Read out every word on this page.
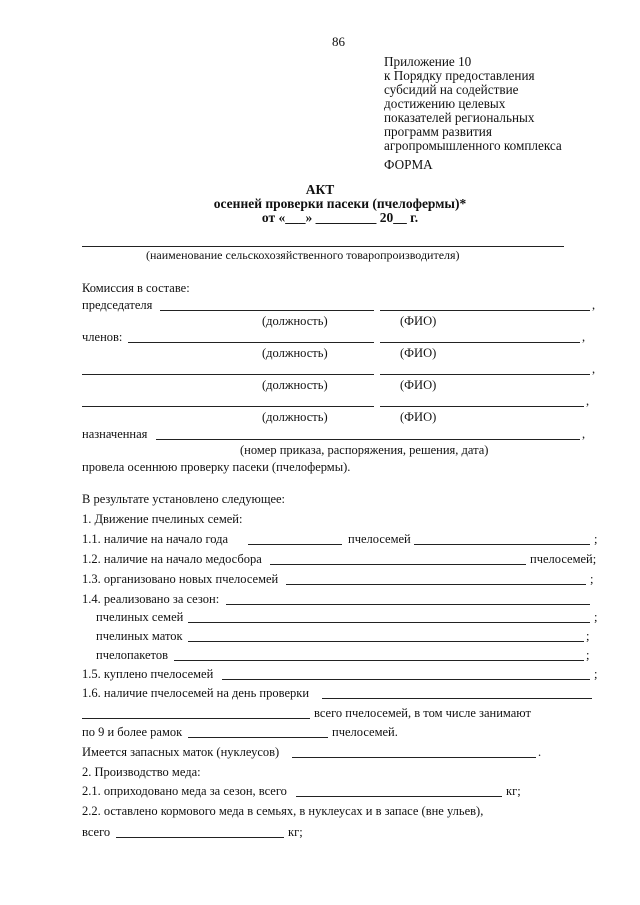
86
Приложение 10
к Порядку предоставления
субсидий на содействие
достижению целевых
показателей региональных
программ развития
агропромышленного комплекса
ФОРМА
АКТ
осенней проверки пасеки (пчелофермы)*
от «___» _________ 20__ г.
(наименование сельскохозяйственного товаропроизводителя)
Комиссия в составе:
председателя	,
(должность)	(ФИО)
членов:	,
(должность)	(ФИО)
,
(должность)	(ФИО)
,
(должность)	(ФИО)
назначенная	,
(номер приказа, распоряжения, решения, дата)
провела осеннюю проверку пасеки (пчелофермы).
В результате установлено следующее:
1. Движение пчелиных семей:
1.1. наличие на начало года	пчелосемей	;
1.2. наличие на начало медосбора	пчелосемей;
1.3. организовано новых пчелосемей	;
1.4. реализовано за сезон:
пчелиных семей	;
пчелиных маток	;
пчелопакетов	;
1.5. куплено пчелосемей	;
1.6. наличие пчелосемей на день проверки
всего пчелосемей, в том числе занимают
по 9 и более рамок	пчелосемей.
Имеется запасных маток (нуклеусов)	.
2. Производство меда:
2.1. оприходовано меда за сезон, всего	кг;
2.2. оставлено кормового меда в семьях, в нуклеусах и в запасе (вне ульев),
всего	кг;
